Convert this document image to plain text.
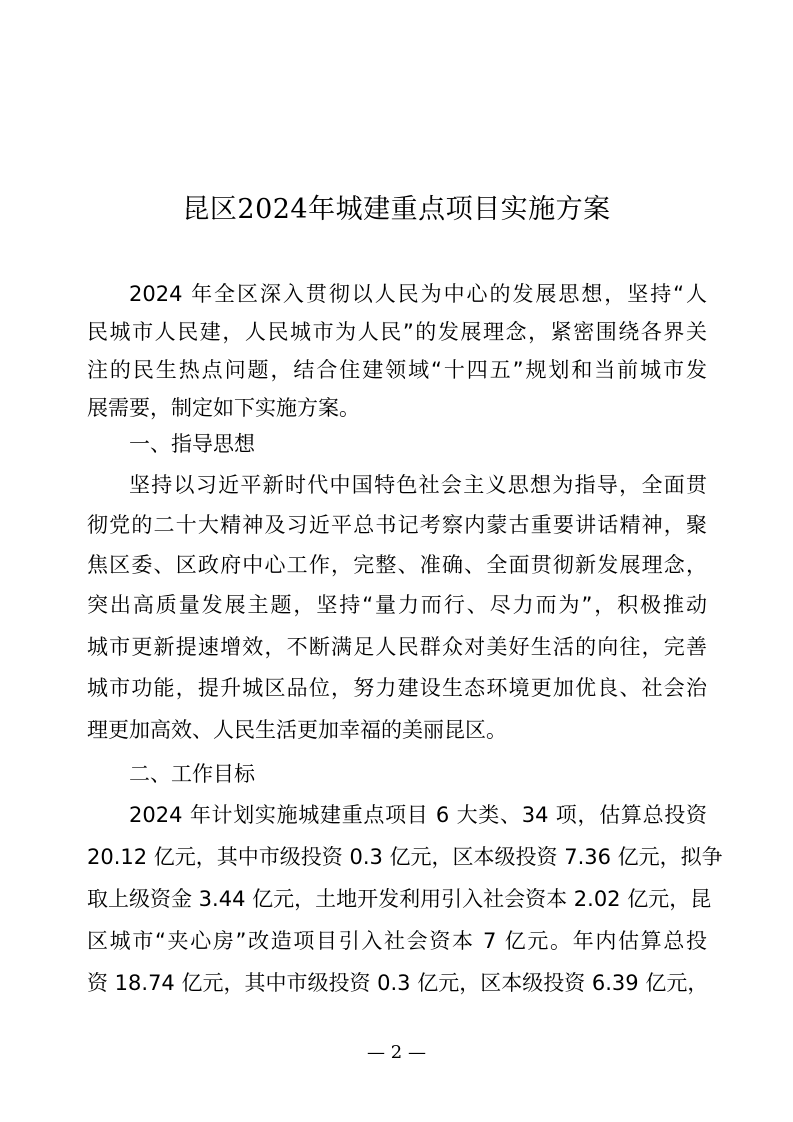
昆区2024年城建重点项目实施方案
2024 年全区深入贯彻以人民为中心的发展思想，坚持“人
民城市人民建，人民城市为人民”的发展理念，紧密围绕各界关
注的民生热点问题，结合住建领域“十四五”规划和当前城市发
展需要，制定如下实施方案。
一、指导思想
坚持以习近平新时代中国特色社会主义思想为指导，全面贯
彻党的二十大精神及习近平总书记考察内蒙古重要讲话精神，聚
焦区委、区政府中心工作，完整、准确、全面贯彻新发展理念，
突出高质量发展主题，坚持“量力而行、尽力而为”，积极推动
城市更新提速增效，不断满足人民群众对美好生活的向往，完善
城市功能，提升城区品位，努力建设生态环境更加优良、社会治
理更加高效、人民生活更加幸福的美丽昆区。
二、工作目标
2024 年计划实施城建重点项目 6 大类、34 项，估算总投资
20.12 亿元，其中市级投资 0.3 亿元，区本级投资 7.36 亿元，拟争
取上级资金 3.44 亿元，土地开发利用引入社会资本 2.02 亿元，昆
区城市“夹心房”改造项目引入社会资本 7 亿元。年内估算总投
资 18.74 亿元，其中市级投资 0.3 亿元，区本级投资 6.39 亿元，
— 2 —
